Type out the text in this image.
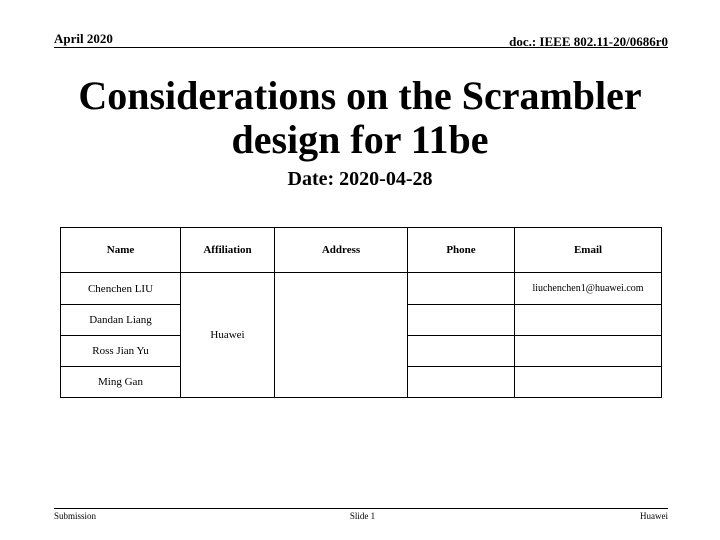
April 2020	doc.: IEEE 802.11-20/0686r0
Considerations on the Scrambler
design for 11be
Date: 2020-04-28
Name	Affiliation	Address	Phone	Email
Chenchen LIU	Huawei			liuchenchen1@huawei.com
Dandan Liang				
Ross Jian Yu				
Ming Gan				
Submission	Slide 1	Huawei
